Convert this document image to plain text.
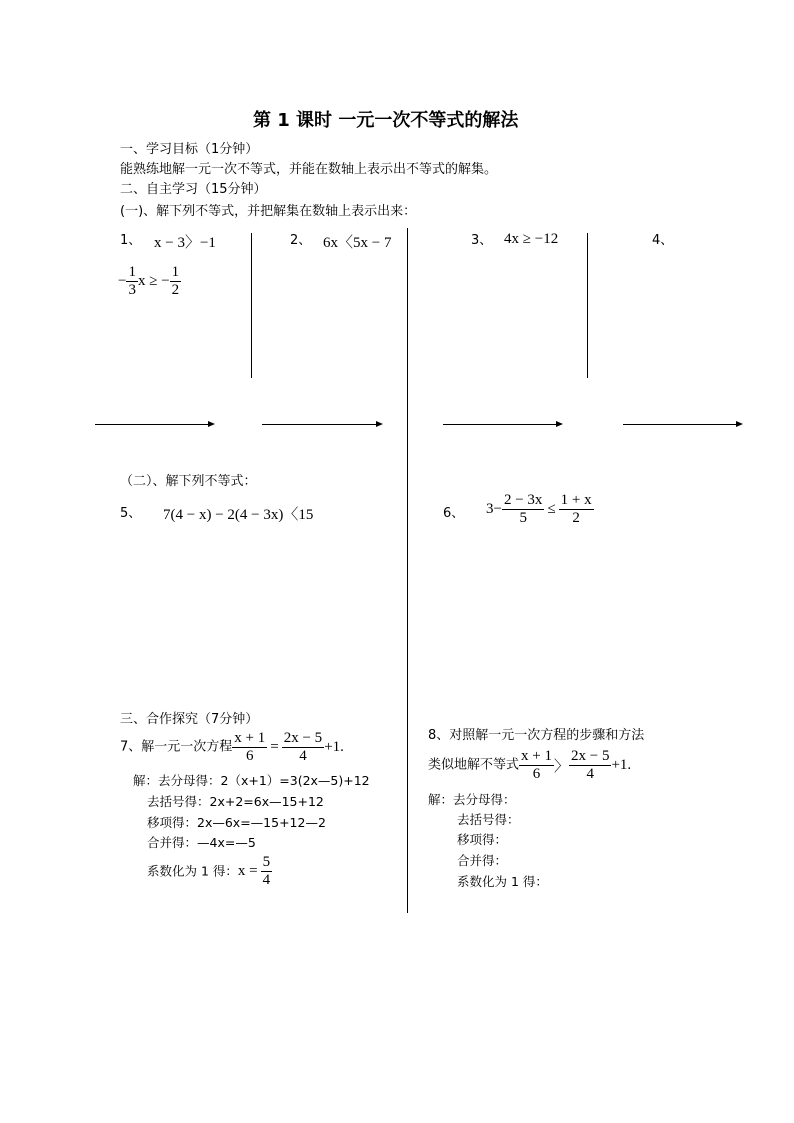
第 1 课时 一元一次不等式的解法
一、学习目标（1分钟）
能熟练地解一元一次不等式，并能在数轴上表示出不等式的解集。
二、自主学习（15分钟）
(一)、解下列不等式，并把解集在数轴上表示出来：
1、 x − 3〉−1	2、 6x〈5x − 7	3、 4x ≥ −12	4、
− $\frac{1}{3}$ x ≥ − $\frac{1}{2}$
（二）、解下列不等式：
5、 7(4 − x) − 2(4 − 3x)〈15	6、 $3- \frac{2 - 3x}{5} \le \frac{1 + x}{2}$
三、合作探究（7分钟）
7、解一元一次方程 $\frac{x + 1}{6} = \frac{2x - 5}{4} +1$.
解：去分母得：2（x+1）=3(2x—5)+12
去括号得：2x+2=6x—15+12
移项得：2x—6x=—15+12—2
合并得：—4x=—5
系数化为 1 得：$x = \frac{5}{4}$
8、对照解一元一次方程的步骤和方法
类似地解不等式 $\frac{x + 1}{6}$ 〉 $\frac{2x - 5}{4} +1$.
解：去分母得：
去括号得：
移项得：
合并得：
系数化为 1 得：
